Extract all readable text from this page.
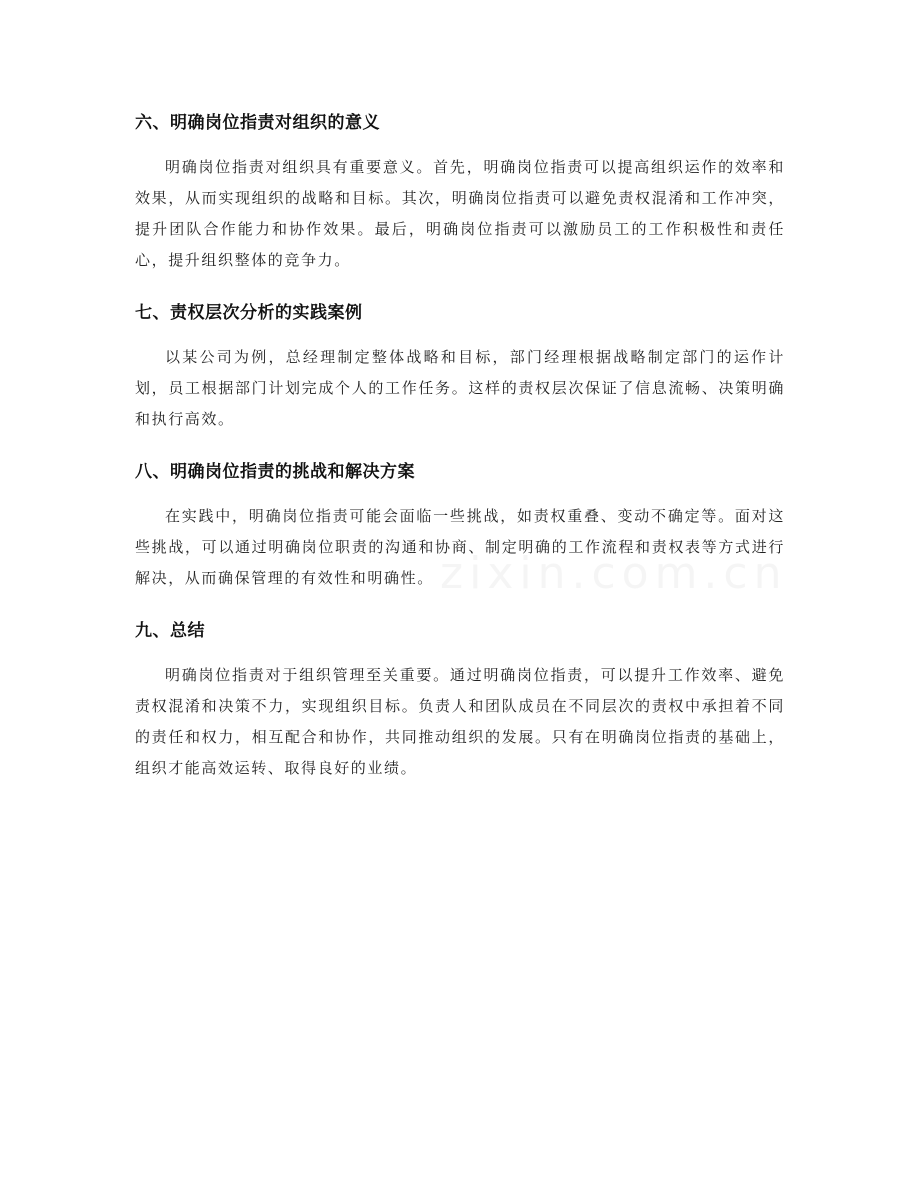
zixin.com.cn
六、明确岗位指责对组织的意义

明确岗位指责对组织具有重要意义。首先，明确岗位指责可以提高组织运作的效率和效果，从而实现组织的战略和目标。其次，明确岗位指责可以避免责权混淆和工作冲突，提升团队合作能力和协作效果。最后，明确岗位指责可以激励员工的工作积极性和责任心，提升组织整体的竞争力。

七、责权层次分析的实践案例

以某公司为例，总经理制定整体战略和目标，部门经理根据战略制定部门的运作计划，员工根据部门计划完成个人的工作任务。这样的责权层次保证了信息流畅、决策明确和执行高效。

八、明确岗位指责的挑战和解决方案

在实践中，明确岗位指责可能会面临一些挑战，如责权重叠、变动不确定等。面对这些挑战，可以通过明确岗位职责的沟通和协商、制定明确的工作流程和责权表等方式进行解决，从而确保管理的有效性和明确性。

九、总结

明确岗位指责对于组织管理至关重要。通过明确岗位指责，可以提升工作效率、避免责权混淆和决策不力，实现组织目标。负责人和团队成员在不同层次的责权中承担着不同的责任和权力，相互配合和协作，共同推动组织的发展。只有在明确岗位指责的基础上，组织才能高效运转、取得良好的业绩。
